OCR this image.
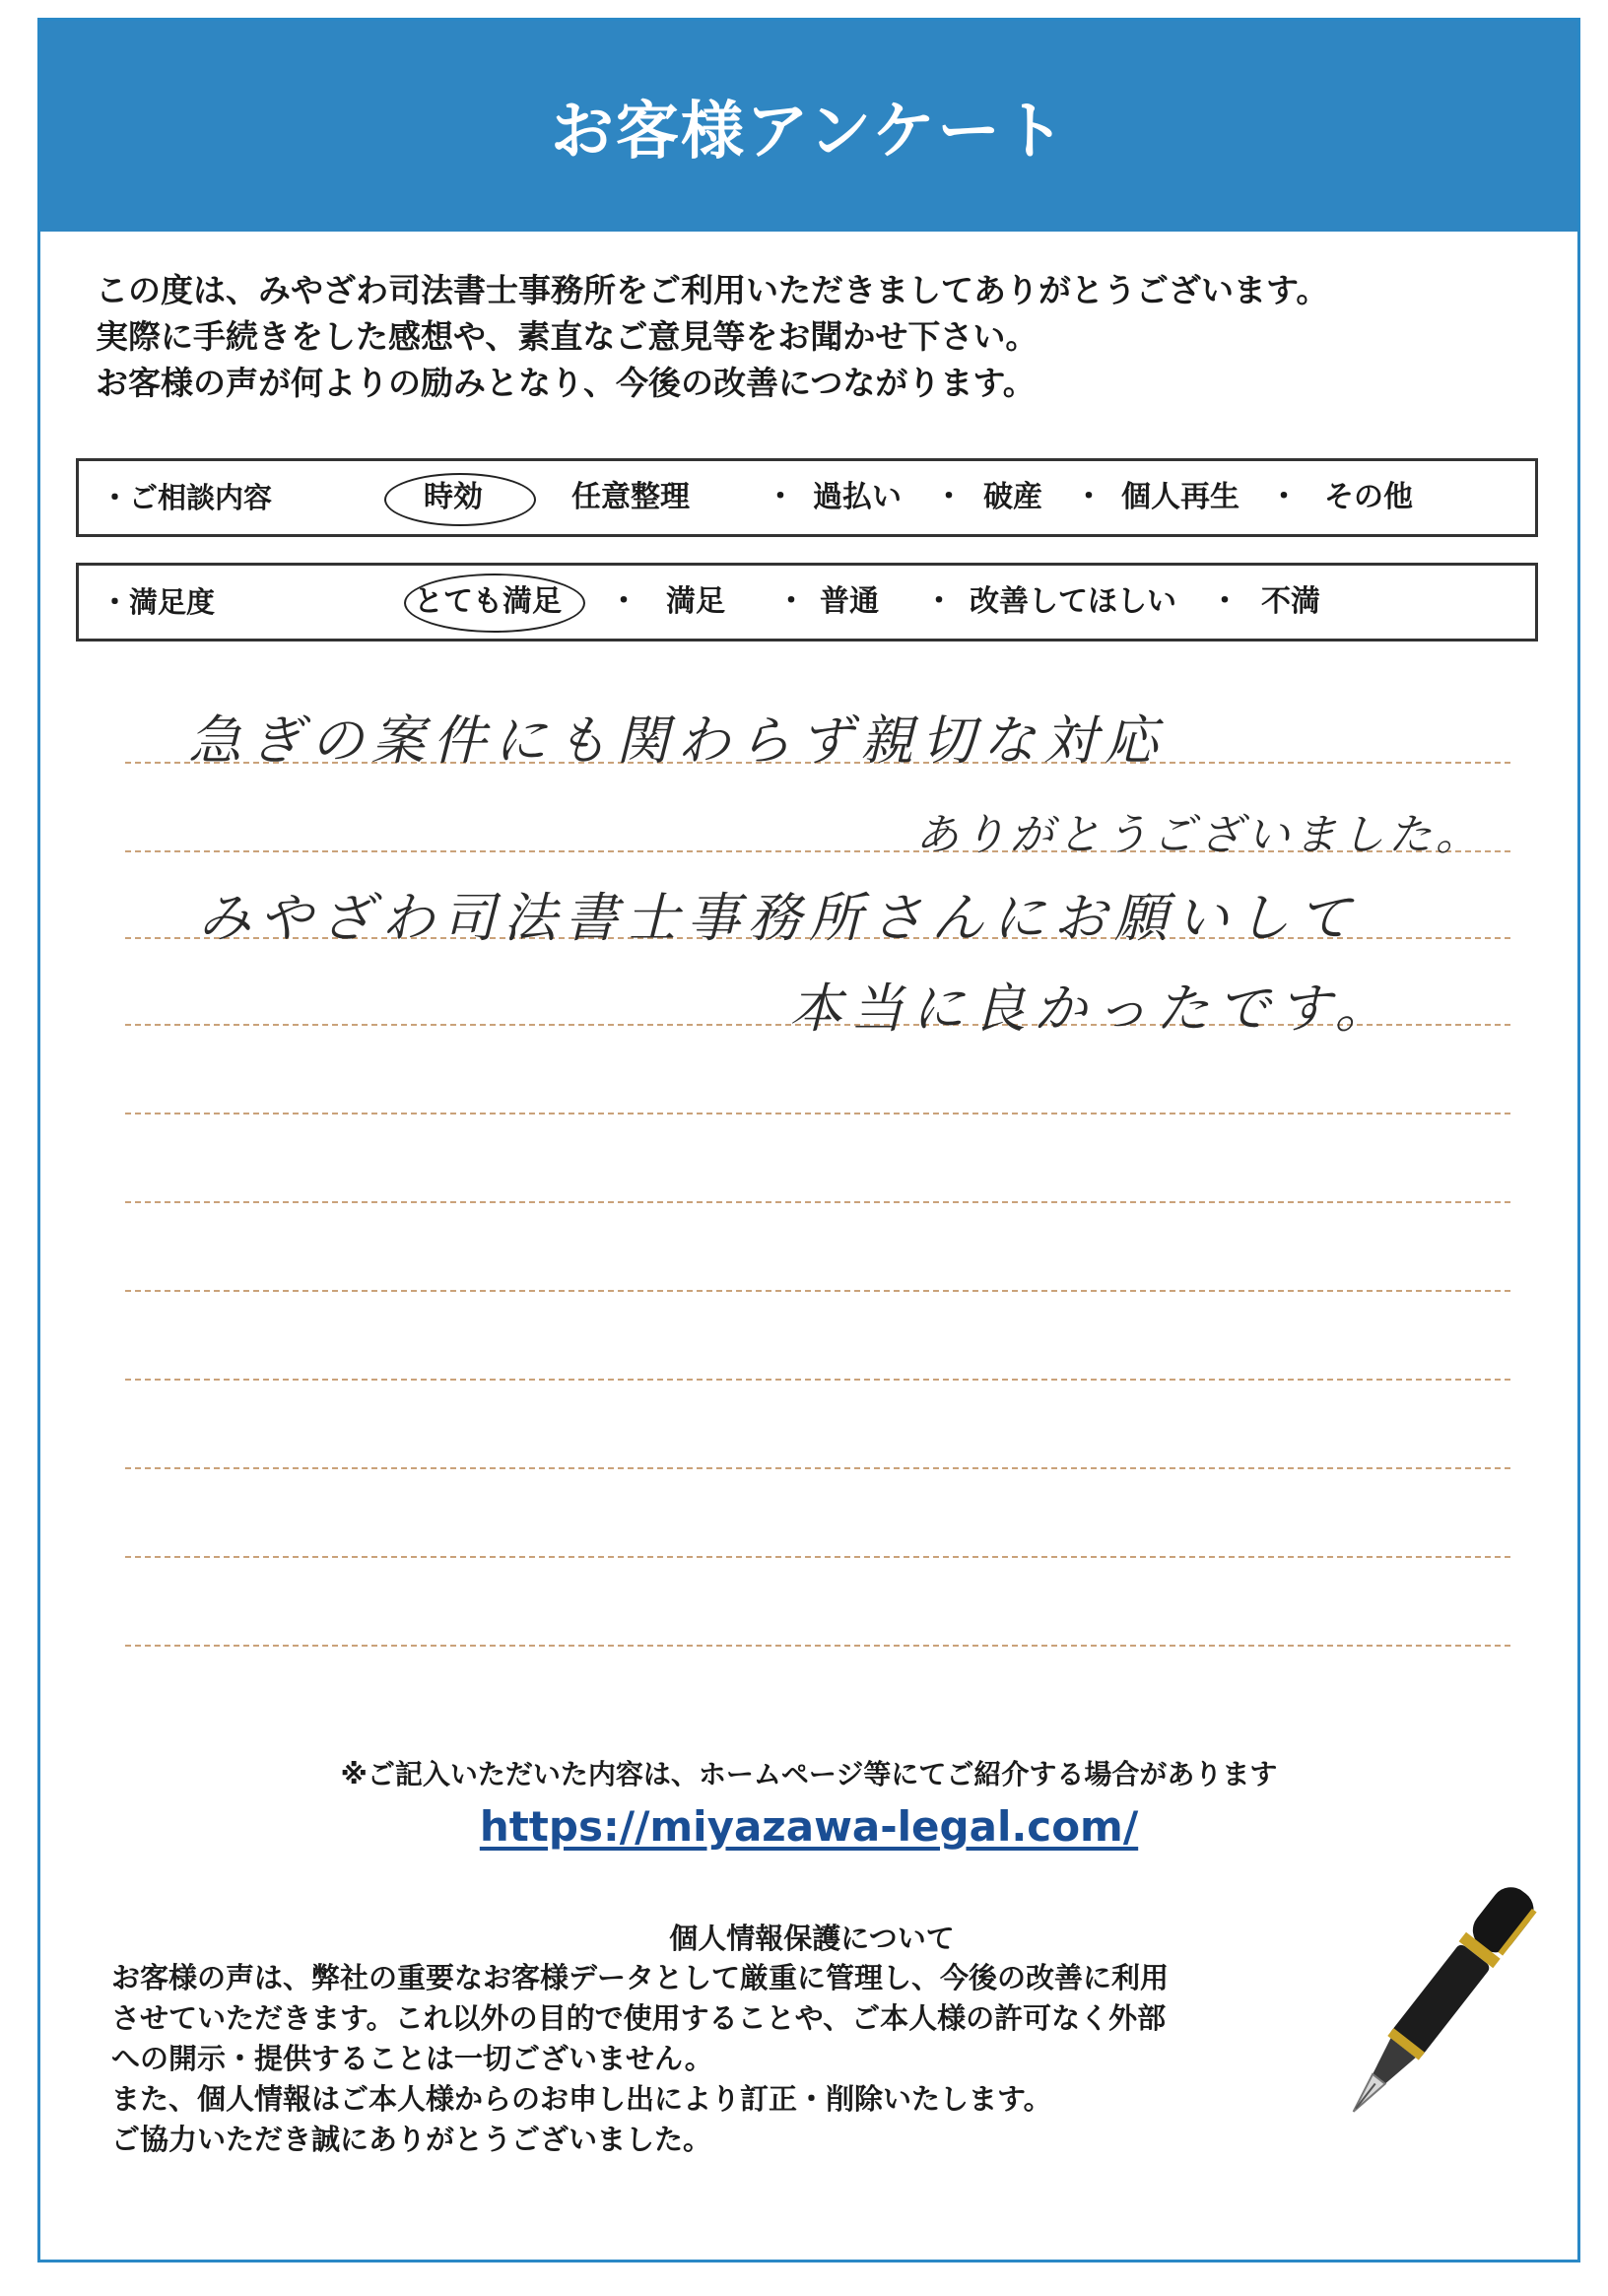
お客様アンケート
この度は、みやざわ司法書士事務所をご利用いただきましてありがとうございます。
実際に手続きをした感想や、素直なご意見等をお聞かせ下さい。
お客様の声が何よりの励みとなり、今後の改善につながります。
・ご相談内容	時効	任意整理	・ 過払い ・ 破産 ・ 個人再生 ・ その他
・満足度	とても満足 ・ 満足 ・ 普通 ・ 改善してほしい ・ 不満
急ぎの案件にも関わらず親切な対応
ありがとうございました。
みやざわ司法書士事務所さんにお願いして
本当に良かったです。
※ご記入いただいた内容は、ホームページ等にてご紹介する場合があります
https://miyazawa-legal.com/
個人情報保護について
お客様の声は、弊社の重要なお客様データとして厳重に管理し、今後の改善に利用
させていただきます。これ以外の目的で使用することや、ご本人様の許可なく外部
への開示・提供することは一切ございません。
また、個人情報はご本人様からのお申し出により訂正・削除いたします。
ご協力いただき誠にありがとうございました。
